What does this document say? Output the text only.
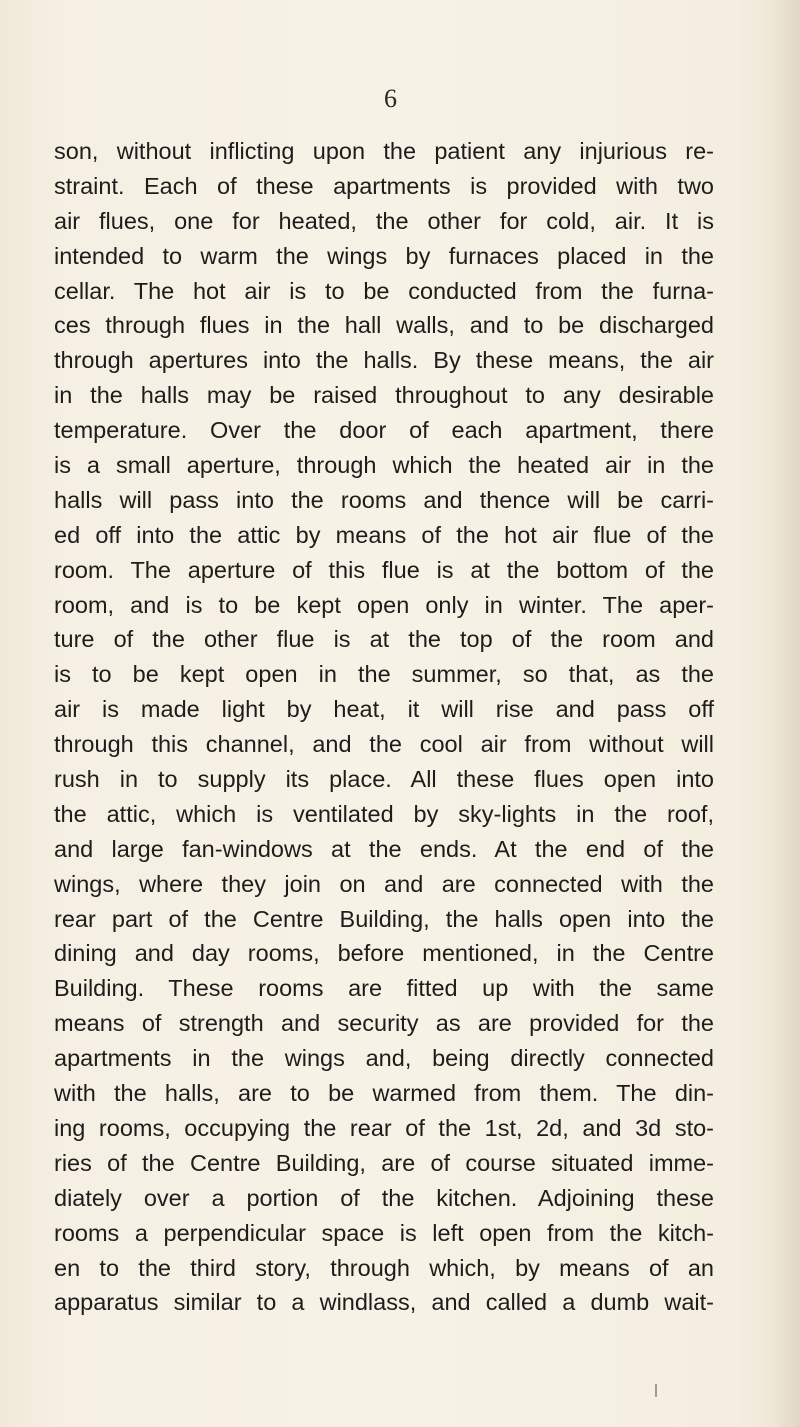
6
son, without inflicting upon the patient any injurious re-
straint. Each of these apartments is provided with two
air flues, one for heated, the other for cold, air. It is
intended to warm the wings by furnaces placed in the
cellar. The hot air is to be conducted from the furna-
ces through flues in the hall walls, and to be discharged
through apertures into the halls. By these means, the air
in the halls may be raised throughout to any desirable
temperature. Over the door of each apartment, there
is a small aperture, through which the heated air in the
halls will pass into the rooms and thence will be carri-
ed off into the attic by means of the hot air flue of the
room. The aperture of this flue is at the bottom of the
room, and is to be kept open only in winter. The aper-
ture of the other flue is at the top of the room and
is to be kept open in the summer, so that, as the
air is made light by heat, it will rise and pass off
through this channel, and the cool air from without will
rush in to supply its place. All these flues open into
the attic, which is ventilated by sky-lights in the roof,
and large fan-windows at the ends. At the end of the
wings, where they join on and are connected with the
rear part of the Centre Building, the halls open into the
dining and day rooms, before mentioned, in the Centre
Building. These rooms are fitted up with the same
means of strength and security as are provided for the
apartments in the wings and, being directly connected
with the halls, are to be warmed from them. The din-
ing rooms, occupying the rear of the 1st, 2d, and 3d sto-
ries of the Centre Building, are of course situated imme-
diately over a portion of the kitchen. Adjoining these
rooms a perpendicular space is left open from the kitch-
en to the third story, through which, by means of an
apparatus similar to a windlass, and called a dumb wait-
